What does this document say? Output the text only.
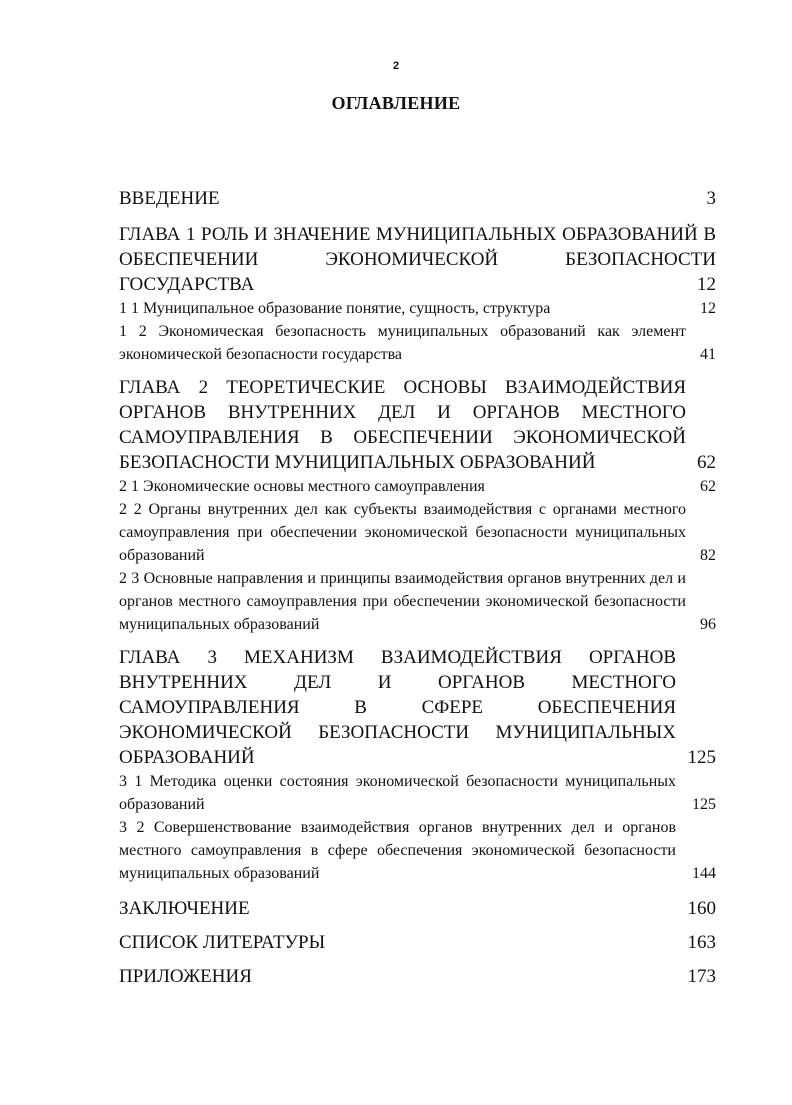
2
ОГЛАВЛЕНИЕ
ВВЕДЕНИЕ	3
ГЛАВА 1 РОЛЬ И ЗНАЧЕНИЕ МУНИЦИПАЛЬНЫХ ОБРАЗОВАНИЙ В ОБЕСПЕЧЕНИИ ЭКОНОМИЧЕСКОЙ БЕЗОПАСНОСТИ ГОСУДАРСТВА	12
1 1 Муниципальное образование понятие, сущность, структура	12
1 2 Экономическая безопасность муниципальных образований как элемент экономической безопасности государства	41
ГЛАВА 2 ТЕОРЕТИЧЕСКИЕ ОСНОВЫ ВЗАИМОДЕЙСТВИЯ ОРГАНОВ ВНУТРЕННИХ ДЕЛ И ОРГАНОВ МЕСТНОГО САМОУПРАВЛЕНИЯ В ОБЕСПЕЧЕНИИ ЭКОНОМИЧЕСКОЙ БЕЗОПАСНОСТИ МУНИЦИПАЛЬНЫХ ОБРАЗОВАНИЙ	62
2 1 Экономические основы местного самоуправления	62
2 2 Органы внутренних дел как субъекты взаимодействия с органами местного самоуправления при обеспечении экономической безопасности муниципальных образований	82
2 3 Основные направления и принципы взаимодействия органов внутренних дел и органов местного самоуправления при обеспечении экономической безопасности муниципальных образований	96
ГЛАВА 3 МЕХАНИЗМ ВЗАИМОДЕЙСТВИЯ ОРГАНОВ ВНУТРЕННИХ ДЕЛ И ОРГАНОВ МЕСТНОГО САМОУПРАВЛЕНИЯ В СФЕРЕ ОБЕСПЕЧЕНИЯ ЭКОНОМИЧЕСКОЙ БЕЗОПАСНОСТИ МУНИЦИПАЛЬНЫХ ОБРАЗОВАНИЙ	125
3 1 Методика оценки состояния экономической безопасности муниципальных образований	125
3 2 Совершенствование взаимодействия органов внутренних дел и органов местного самоуправления в сфере обеспечения экономической безопасности муниципальных образований	144
ЗАКЛЮЧЕНИЕ	160
СПИСОК ЛИТЕРАТУРЫ	163
ПРИЛОЖЕНИЯ	173
